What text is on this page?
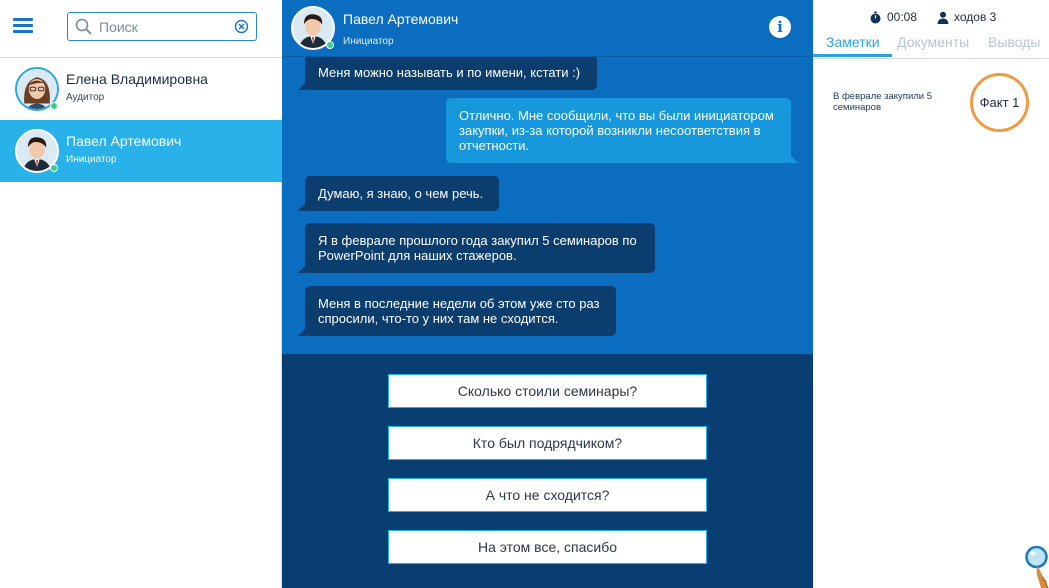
Поиск
Елена Владимировна
Аудитор
Павел Артемович
Инициатор
Павел Артемович
Инициатор
i
Меня можно называть и по имени, кстати :)
Отлично. Мне сообщили, что вы были инициатором закупки, из-за которой возникли несоответствия в отчетности.
Думаю, я знаю, о чем речь.
Я в феврале прошлого года закупил 5 семинаров по PowerPoint для наших стажеров.
Меня в последние недели об этом уже сто раз спросили, что-то у них там не сходится.
Сколько стоили семинары?
Кто был подрядчиком?
А что не сходится?
На этом все, спасибо
00:08	ходов 3
Заметки Документы Выводы
В феврале закупили 5 семинаров	Факт 1
